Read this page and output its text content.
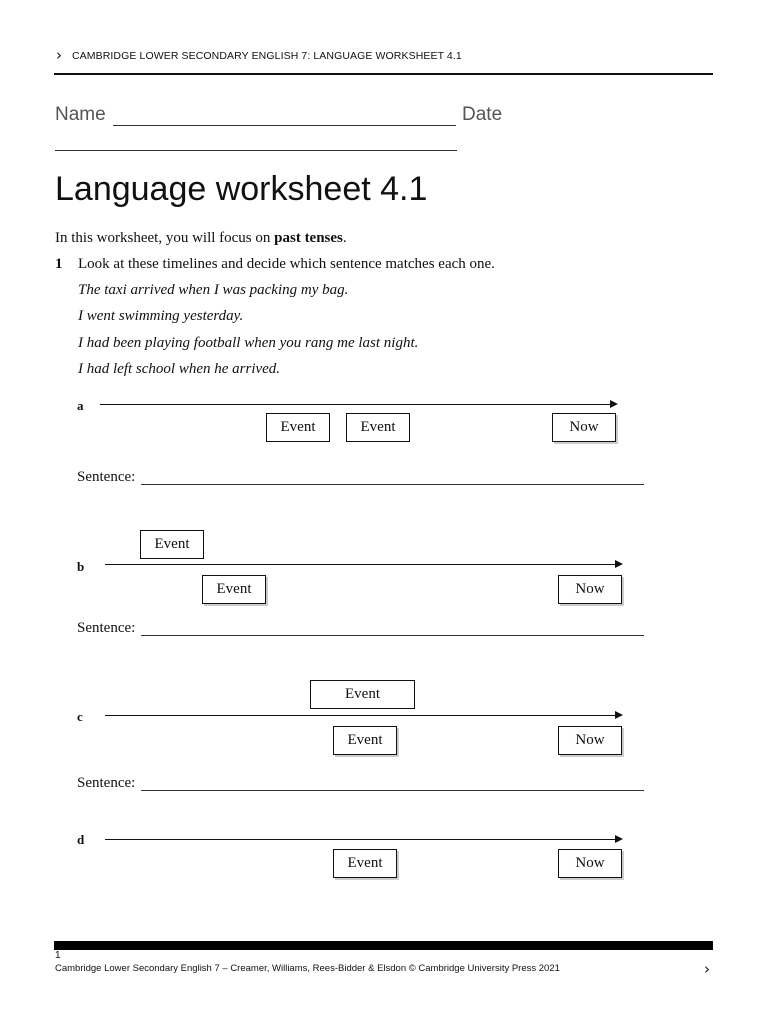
› CAMBRIDGE LOWER SECONDARY ENGLISH 7: LANGUAGE WORKSHEET 4.1
Name	Date
Language worksheet 4.1
In this worksheet, you will focus on past tenses.
1 Look at these timelines and decide which sentence matches each one.
The taxi arrived when I was packing my bag.
I went swimming yesterday.
I had been playing football when you rang me last night.
I had left school when he arrived.
a
Event	Event	Now
Sentence:
Event
b
Event	Now
Sentence:
Event
c
Event	Now
Sentence:
d
Event	Now
1
Cambridge Lower Secondary English 7 – Creamer, Williams, Rees-Bidder & Elsdon © Cambridge University Press 2021	›
